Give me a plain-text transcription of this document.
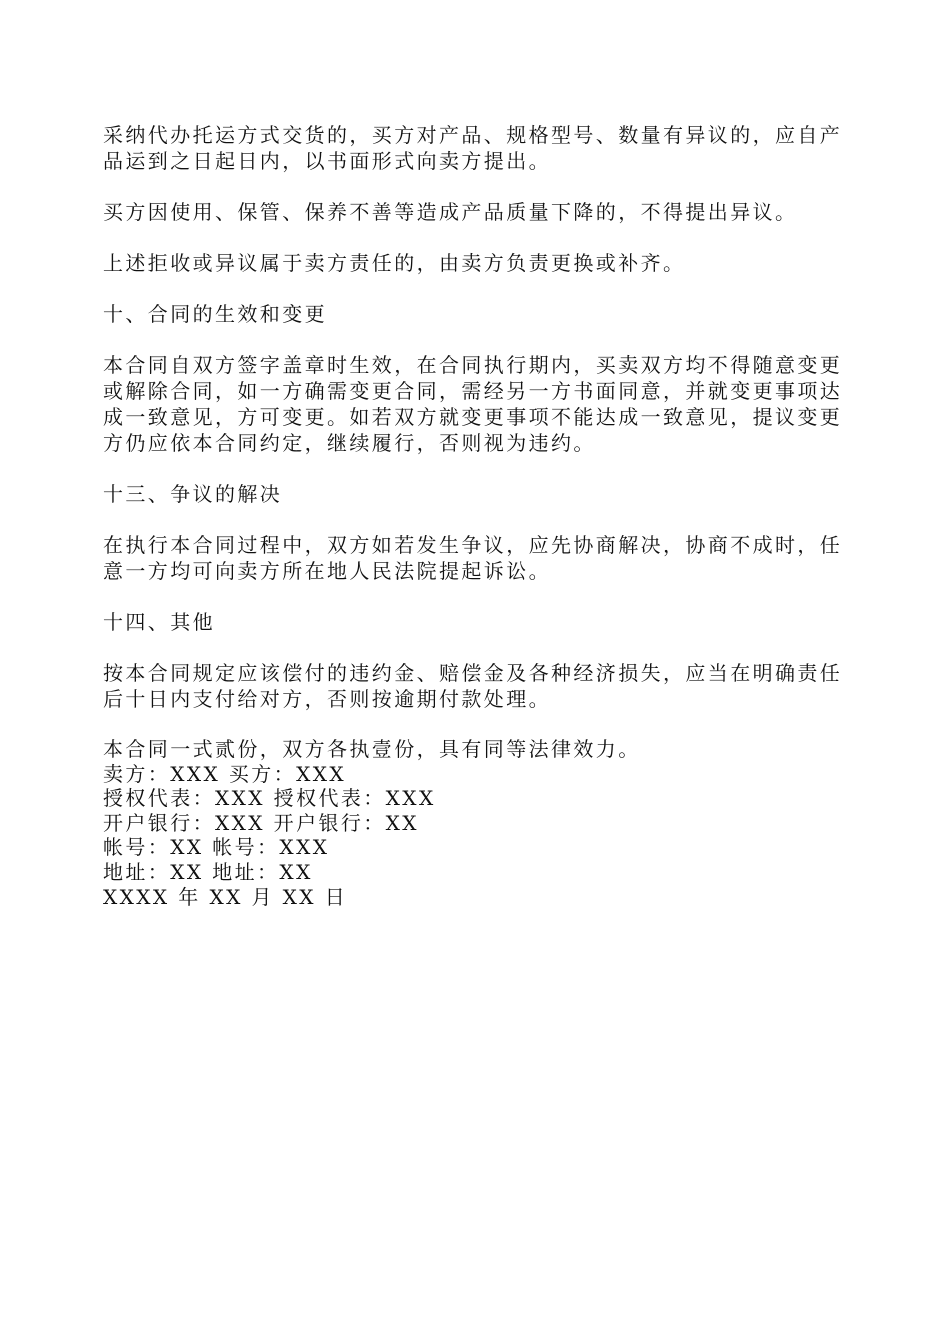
采纳代办托运方式交货的，买方对产品、规格型号、数量有异议的，应自产品运到之日起日内，以书面形式向卖方提出。

买方因使用、保管、保养不善等造成产品质量下降的，不得提出异议。

上述拒收或异议属于卖方责任的，由卖方负责更换或补齐。

十、合同的生效和变更

本合同自双方签字盖章时生效，在合同执行期内，买卖双方均不得随意变更或解除合同，如一方确需变更合同，需经另一方书面同意，并就变更事项达成一致意见，方可变更。如若双方就变更事项不能达成一致意见，提议变更方仍应依本合同约定，继续履行，否则视为违约。

十三、争议的解决

在执行本合同过程中，双方如若发生争议，应先协商解决，协商不成时，任意一方均可向卖方所在地人民法院提起诉讼。

十四、其他

按本合同规定应该偿付的违约金、赔偿金及各种经济损失，应当在明确责任后十日内支付给对方，否则按逾期付款处理。

本合同一式贰份，双方各执壹份，具有同等法律效力。
卖方：XXX 买方：XXX
授权代表：XXX 授权代表：XXX
开户银行：XXX 开户银行：XX
帐号：XX 帐号：XXX
地址：XX 地址：XX
XXXX 年 XX 月 XX 日
